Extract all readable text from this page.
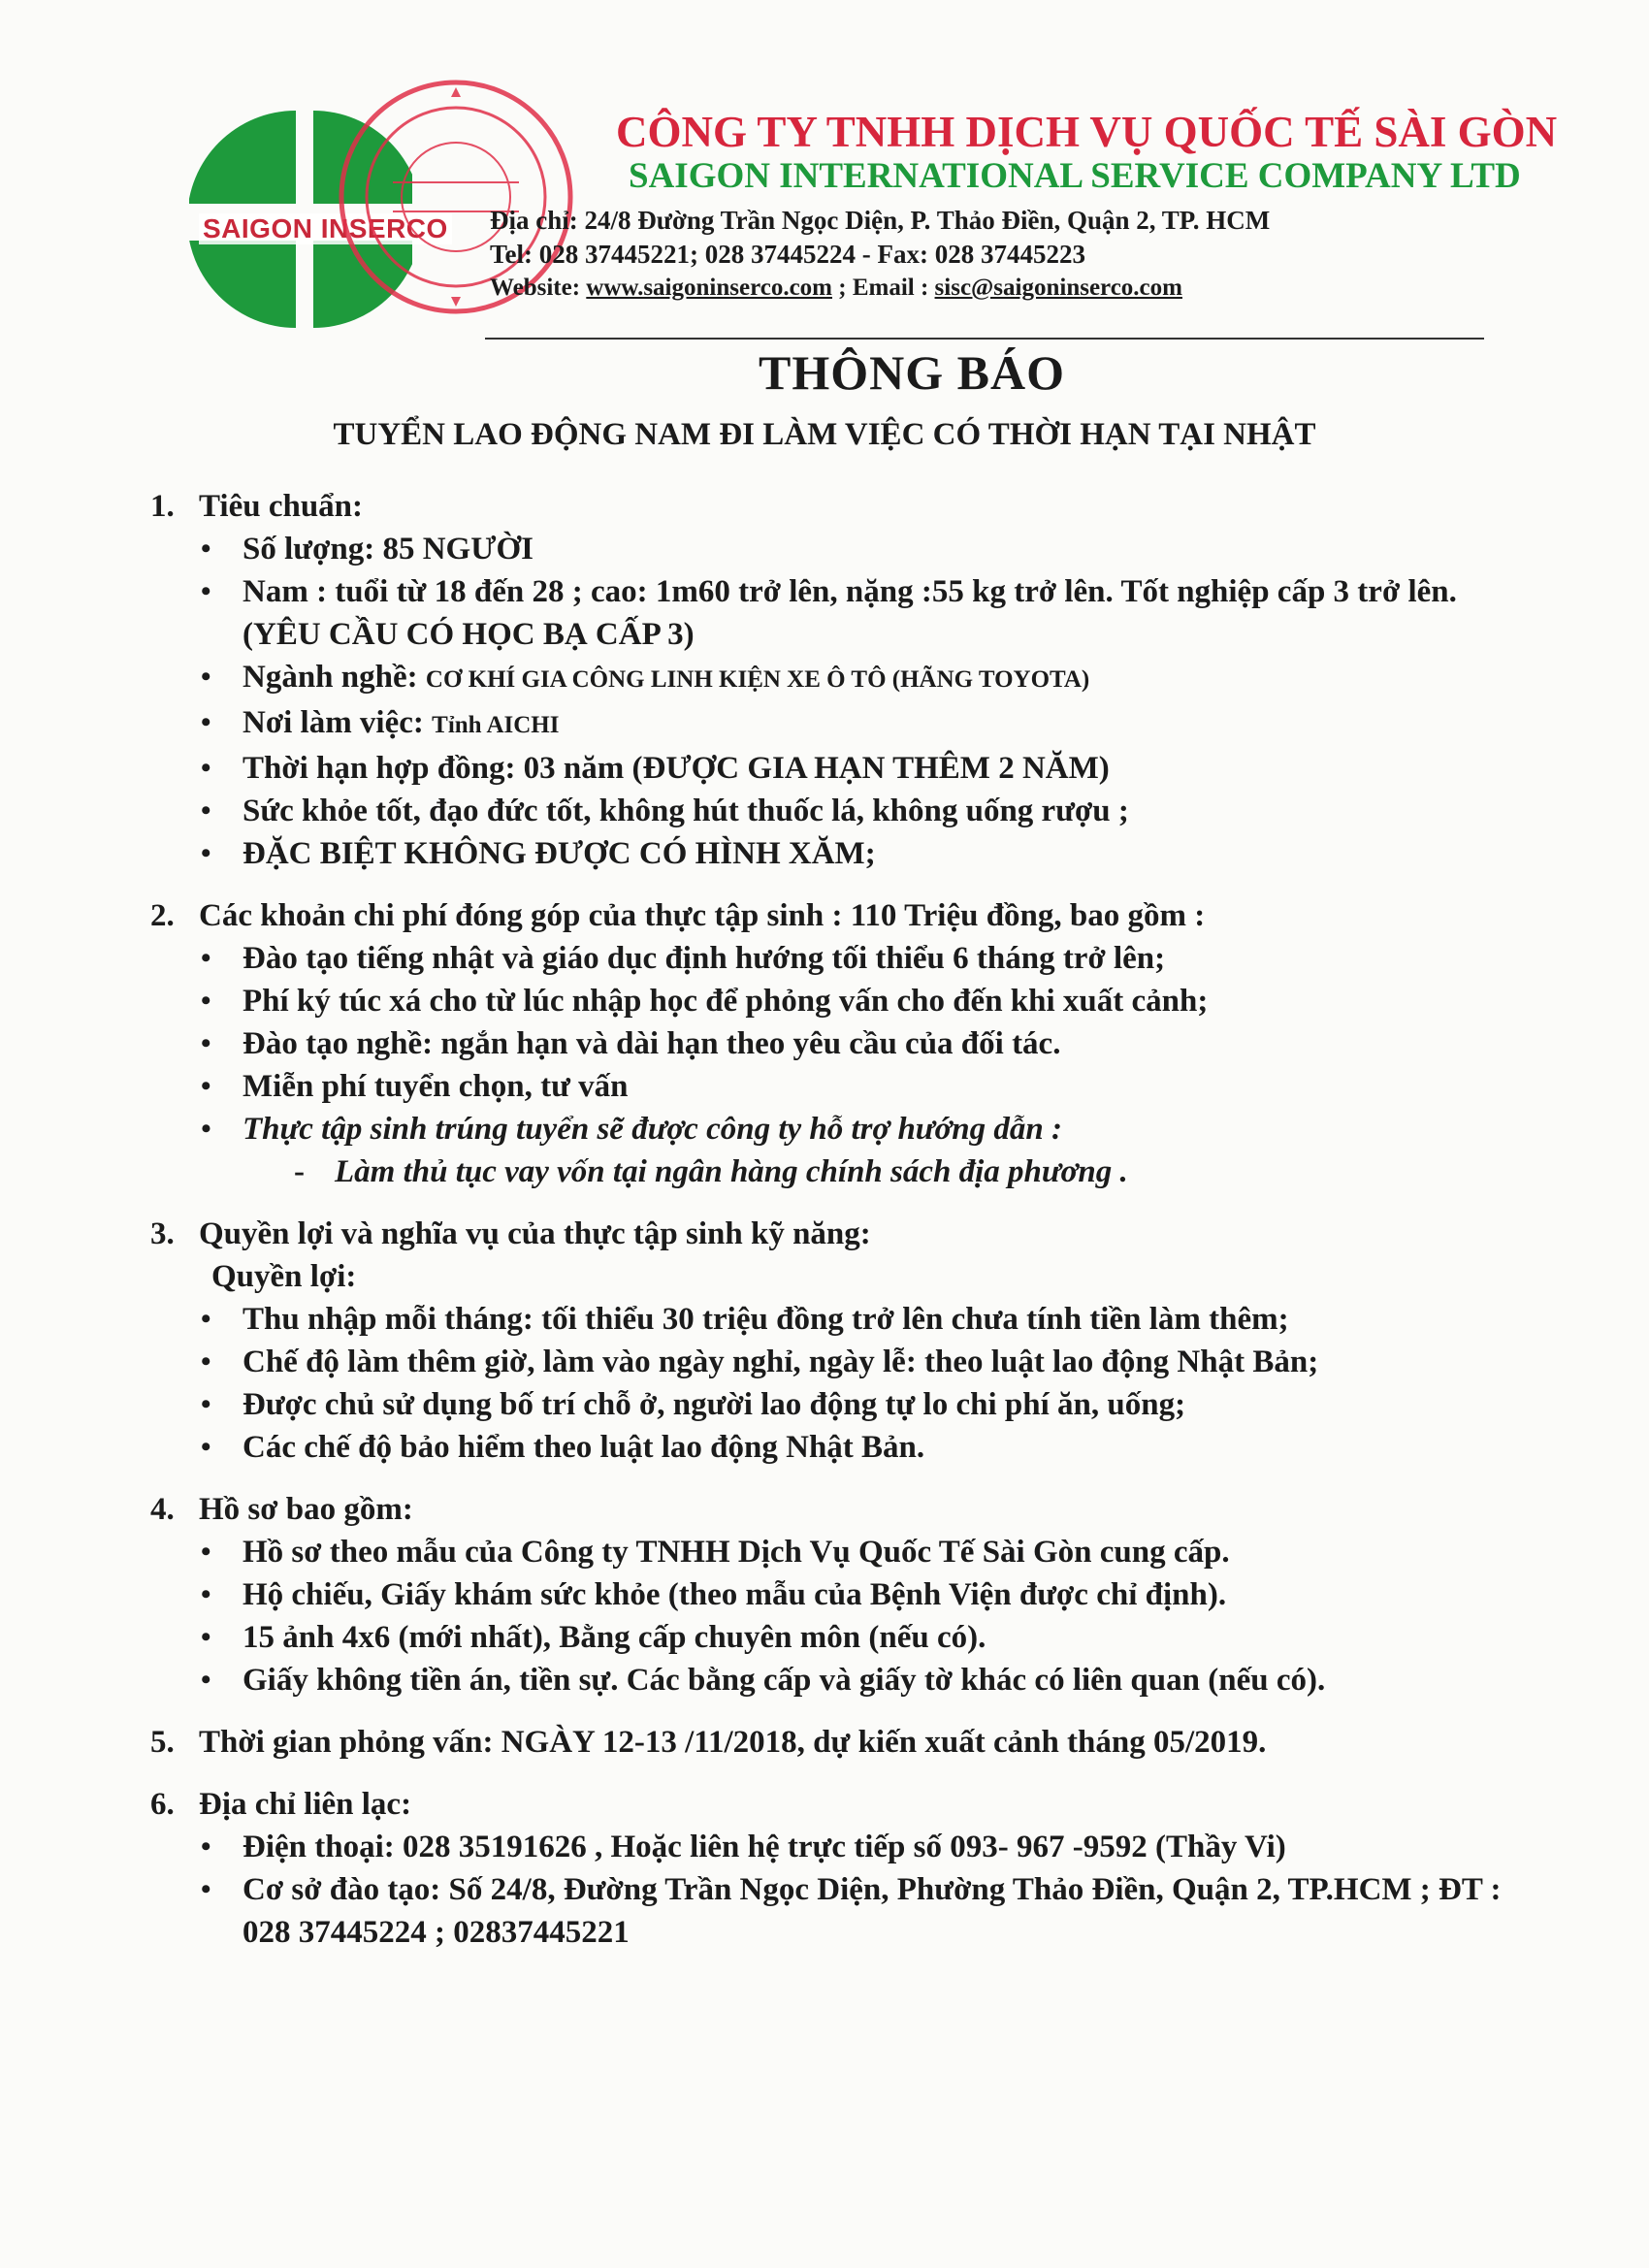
SAIGON INSERCO
CÔNG TY TNHH DỊCH VỤ QUỐC TẾ SÀI GÒN
SAIGON INTERNATIONAL SERVICE COMPANY LTD
Địa chỉ: 24/8 Đường Trần Ngọc Diện, P. Thảo Điền, Quận 2, TP. HCM
Tel: 028 37445221; 028 37445224 - Fax: 028 37445223
Website: www.saigoninserco.com ; Email : sisc@saigoninserco.com
THÔNG BÁO
TUYỂN LAO ĐỘNG NAM ĐI LÀM VIỆC CÓ THỜI HẠN TẠI NHẬT
1. Tiêu chuẩn:
• Số lượng: 85 NGƯỜI
• Nam : tuổi từ 18 đến 28 ; cao: 1m60 trở lên, nặng :55 kg trở lên. Tốt nghiệp cấp 3 trở lên.(YÊU CẦU CÓ HỌC BẠ CẤP 3)
• Ngành nghề: CƠ KHÍ GIA CÔNG LINH KIỆN XE Ô TÔ (HÃNG TOYOTA)
• Nơi làm việc: Tỉnh AICHI
• Thời hạn hợp đồng: 03 năm (ĐƯỢC GIA HẠN THÊM 2 NĂM)
• Sức khỏe tốt, đạo đức tốt, không hút thuốc lá, không uống rượu ;
• ĐẶC BIỆT KHÔNG ĐƯỢC CÓ HÌNH XĂM;
2. Các khoản chi phí đóng góp của thực tập sinh : 110 Triệu đồng, bao gồm :
• Đào tạo tiếng nhật và giáo dục định hướng tối thiểu 6 tháng trở lên;
• Phí ký túc xá cho từ lúc nhập học để phỏng vấn cho đến khi xuất cảnh;
• Đào tạo nghề: ngắn hạn và dài hạn theo yêu cầu của đối tác.
• Miễn phí tuyển chọn, tư vấn
• Thực tập sinh trúng tuyển sẽ được công ty hỗ trợ hướng dẫn :
- Làm thủ tục vay vốn tại ngân hàng chính sách địa phương .
3. Quyền lợi và nghĩa vụ của thực tập sinh kỹ năng:
Quyền lợi:
• Thu nhập mỗi tháng: tối thiểu 30 triệu đồng trở lên chưa tính tiền làm thêm;
• Chế độ làm thêm giờ, làm vào ngày nghỉ, ngày lễ: theo luật lao động Nhật Bản;
• Được chủ sử dụng bố trí chỗ ở, người lao động tự lo chi phí ăn, uống;
• Các chế độ bảo hiểm theo luật lao động Nhật Bản.
4. Hồ sơ bao gồm:
• Hồ sơ theo mẫu của Công ty TNHH Dịch Vụ Quốc Tế Sài Gòn cung cấp.
• Hộ chiếu, Giấy khám sức khỏe (theo mẫu của Bệnh Viện được chỉ định).
• 15 ảnh 4x6 (mới nhất), Bằng cấp chuyên môn (nếu có).
• Giấy không tiền án, tiền sự. Các bằng cấp và giấy tờ khác có liên quan (nếu có).
5. Thời gian phỏng vấn: NGÀY 12-13 /11/2018, dự kiến xuất cảnh tháng 05/2019.
6. Địa chỉ liên lạc:
• Điện thoại: 028 35191626 , Hoặc liên hệ trực tiếp số 093- 967 -9592 (Thầy Vi)
• Cơ sở đào tạo: Số 24/8, Đường Trần Ngọc Diện, Phường Thảo Điền, Quận 2, TP.HCM ; ĐT : 028 37445224 ; 02837445221
